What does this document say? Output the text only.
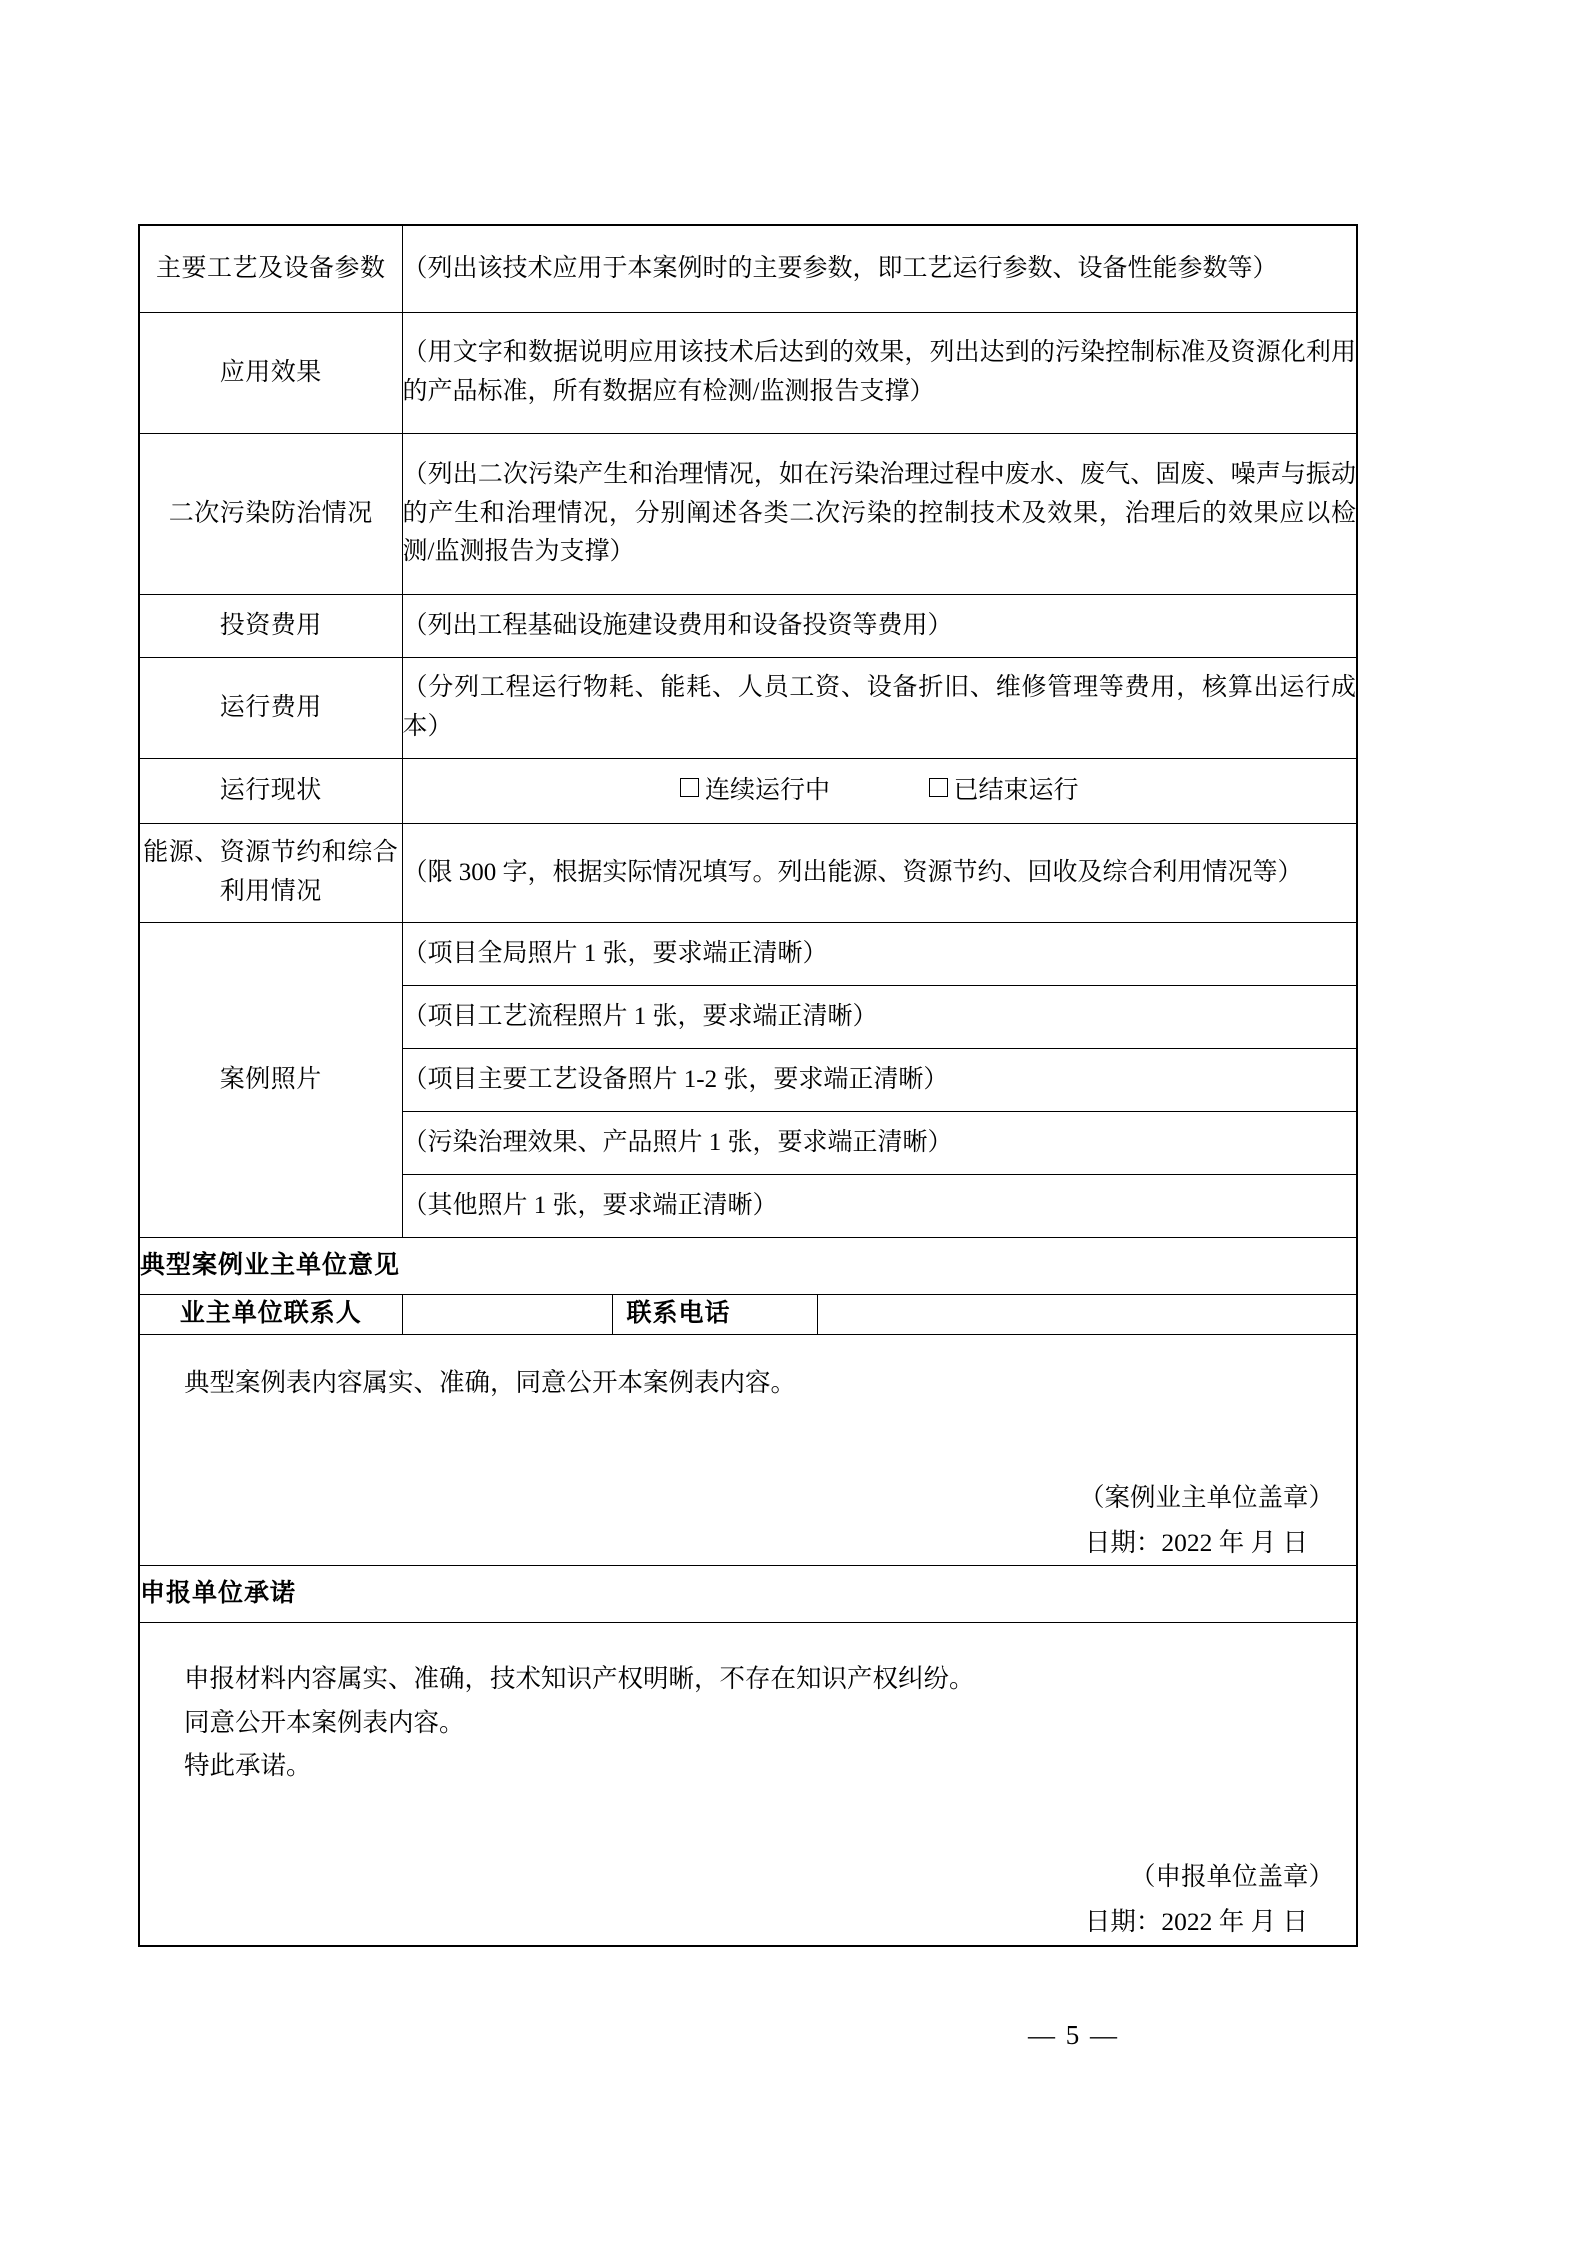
主要工艺及设备参数	（列出该技术应用于本案例时的主要参数，即工艺运行参数、设备性能参数等）		
应用效果	（用文字和数据说明应用该技术后达到的效果，列出达到的污染控制标准及资源化利用的产品标准，所有数据应有检测/监测报告支撑）		
二次污染防治情况	（列出二次污染产生和治理情况，如在污染治理过程中废水、废气、固废、噪声与振动的产生和治理情况，分别阐述各类二次污染的控制技术及效果，治理后的效果应以检测/监测报告为支撑）		
投资费用	（列出工程基础设施建设费用和设备投资等费用）		
运行费用	（分列工程运行物耗、能耗、人员工资、设备折旧、维修管理等费用，核算出运行成本）		
运行现状	连续运行中 已结束运行		
能源、资源节约和综合利用情况	（限 300 字，根据实际情况填写。列出能源、资源节约、回收及综合利用情况等）		
案例照片	（项目全局照片 1 张，要求端正清晰）		
	（项目工艺流程照片 1 张，要求端正清晰）		
	（项目主要工艺设备照片 1-2 张，要求端正清晰）		
	（污染治理效果、产品照片 1 张，要求端正清晰）		
	（其他照片 1 张，要求端正清晰）		
典型案例业主单位意见			
业主单位联系人		联系电话	

典型案例表内容属实、准确，同意公开本案例表内容。
（案例业主单位盖章）
日期：2022 年 月 日			

申报单位承诺			

申报材料内容属实、准确，技术知识产权明晰，不存在知识产权纠纷。
同意公开本案例表内容。
特此承诺。
（申报单位盖章）
日期：2022 年 月 日			
— 5 —
